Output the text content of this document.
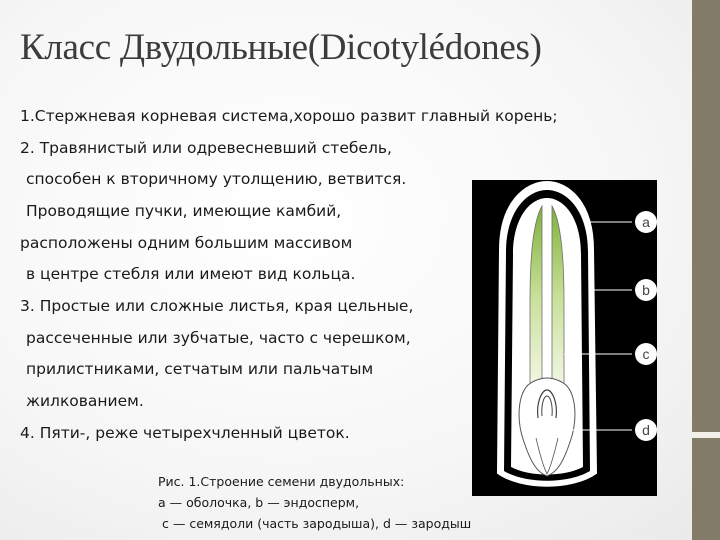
Класс Двудольные(Dicotylédones)
1.Стержневая корневая система,хорошо развит главный корень;
2. Травянистый или одревесневший стебель,
способен к вторичному утолщению, ветвится.
Проводящие пучки, имеющие камбий,
расположены одним большим массивом
в центре стебля или имеют вид кольца.
3. Простые или сложные листья, края цельные,
рассеченные или зубчатые, часто с черешком,
прилистниками, сетчатым или пальчатым
жилкованием.
4. Пяти-, реже четырехчленный цветок.
a
b
c
d
Рис. 1.Строение семени двудольных:
а — оболочка, b — эндосперм,
с — семядоли (часть зародыша), d — зародыш
